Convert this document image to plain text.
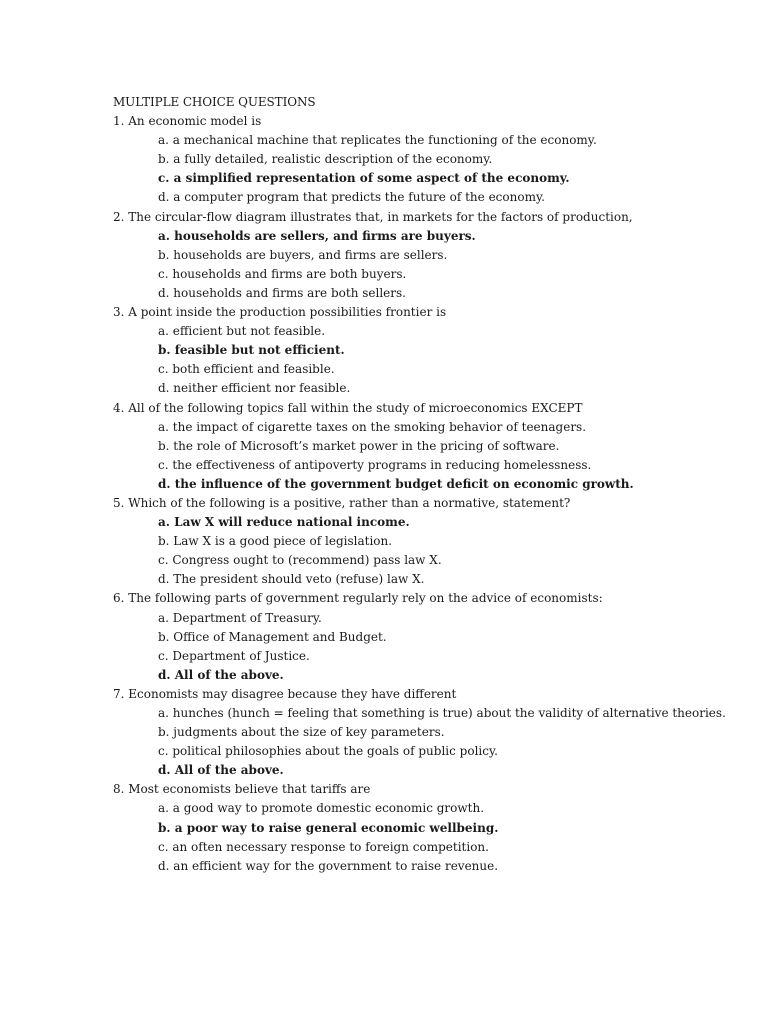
MULTIPLE CHOICE QUESTIONS

1. An economic model is

a. a mechanical machine that replicates the functioning of the economy.

b. a fully detailed, realistic description of the economy.

c. a simplified representation of some aspect of the economy.

d. a computer program that predicts the future of the economy.

2. The circular-flow diagram illustrates that, in markets for the factors of production,

a. households are sellers, and firms are buyers.

b. households are buyers, and firms are sellers.

c. households and firms are both buyers.

d. households and firms are both sellers.

3. A point inside the production possibilities frontier is

a. efficient but not feasible.

b. feasible but not efficient.

c. both efficient and feasible.

d. neither efficient nor feasible.

4. All of the following topics fall within the study of microeconomics EXCEPT

a. the impact of cigarette taxes on the smoking behavior of teenagers.

b. the role of Microsoft’s market power in the pricing of software.

c. the effectiveness of antipoverty programs in reducing homelessness.

d. the influence of the government budget deficit on economic growth.

5. Which of the following is a positive, rather than a normative, statement?

a. Law X will reduce national income.

b. Law X is a good piece of legislation.

c. Congress ought to (recommend) pass law X.

d. The president should veto (refuse) law X.

6. The following parts of government regularly rely on the advice of economists:

a. Department of Treasury.

b. Office of Management and Budget.

c. Department of Justice.

d. All of the above.

7. Economists may disagree because they have different

a. hunches (hunch = feeling that something is true) about the validity of alternative theories.

b. judgments about the size of key parameters.

c. political philosophies about the goals of public policy.

d. All of the above.

8. Most economists believe that tariffs are

a. a good way to promote domestic economic growth.

b. a poor way to raise general economic wellbeing.

c. an often necessary response to foreign competition.

d. an efficient way for the government to raise revenue.
